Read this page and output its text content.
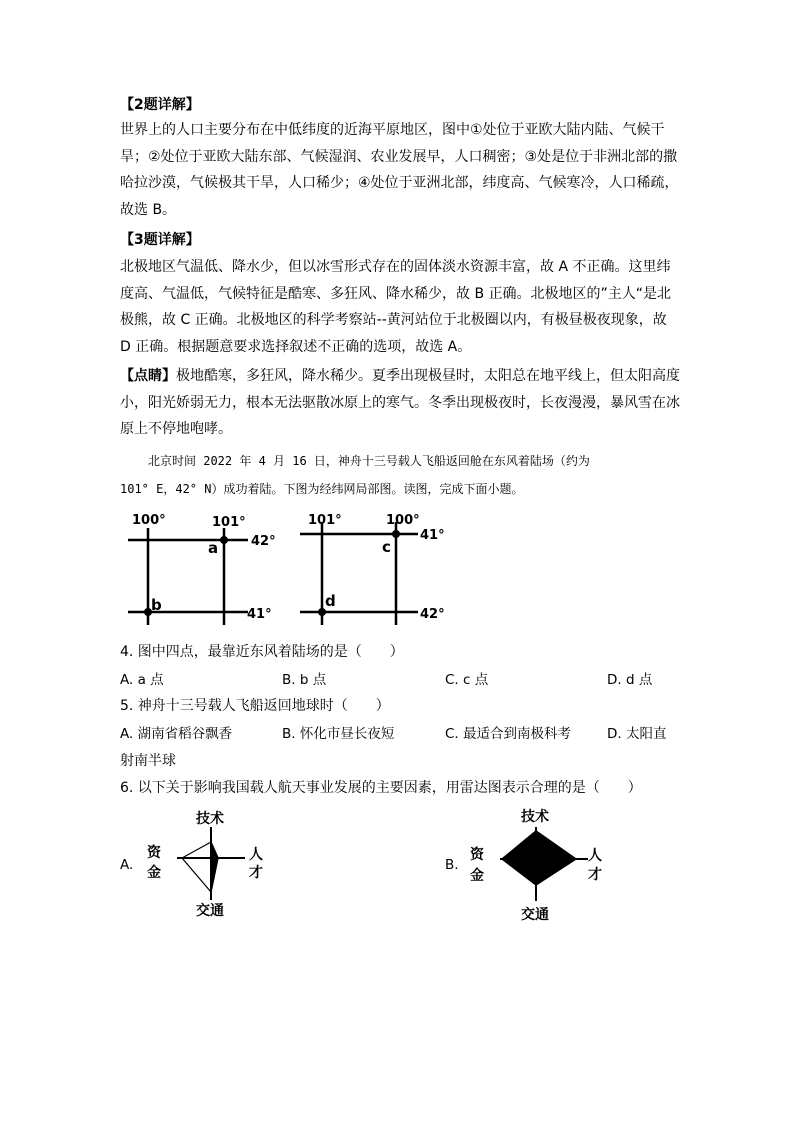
【2题详解】

世界上的人口主要分布在中低纬度的近海平原地区，图中①处位于亚欧大陆内陆、气候干旱；②处位于亚欧大陆东部、气候湿润、农业发展早，人口稠密；③处是位于非洲北部的撒哈拉沙漠，气候极其干旱，人口稀少；④处位于亚洲北部，纬度高、气候寒冷，人口稀疏，故选 B。

【3题详解】

北极地区气温低、降水少，但以冰雪形式存在的固体淡水资源丰富，故 A 不正确。这里纬度高、气温低，气候特征是酷寒、多狂风、降水稀少，故 B 正确。北极地区的”主人“是北极熊，故 C 正确。北极地区的科学考察站--黄河站位于北极圈以内，有极昼极夜现象，故 D 正确。根据题意要求选择叙述不正确的选项，故选 A。

【点睛】极地酷寒，多狂风，降水稀少。夏季出现极昼时，太阳总在地平线上，但太阳高度小，阳光娇弱无力，根本无法驱散冰原上的寒气。冬季出现极夜时，长夜漫漫，暴风雪在冰原上不停地咆哮。

北京时间 2022 年 4 月 16 日，神舟十三号载人飞船返回舱在东风着陆场（约为
101° E，42° N）成功着陆。下图为经纬网局部图。读图，完成下面小题。
100°	101°
42°
41°
a
b
101°	100°
41°
42°
c
d
4. 图中四点，最靠近东风着陆场的是（　　）
A. a 点	B. b 点	C. c 点	D. d 点
5. 神舟十三号载人飞船返回地球时（　　）
A. 湖南省稻谷飘香	B. 怀化市昼长夜短	C. 最适合到南极科考	D. 太阳直
射南半球
6. 以下关于影响我国载人航天事业发展的主要因素，用雷达图表示合理的是（　　）
A.
技术
资
金
人
才
交通
B.
技术
资
金
人
才
交通
